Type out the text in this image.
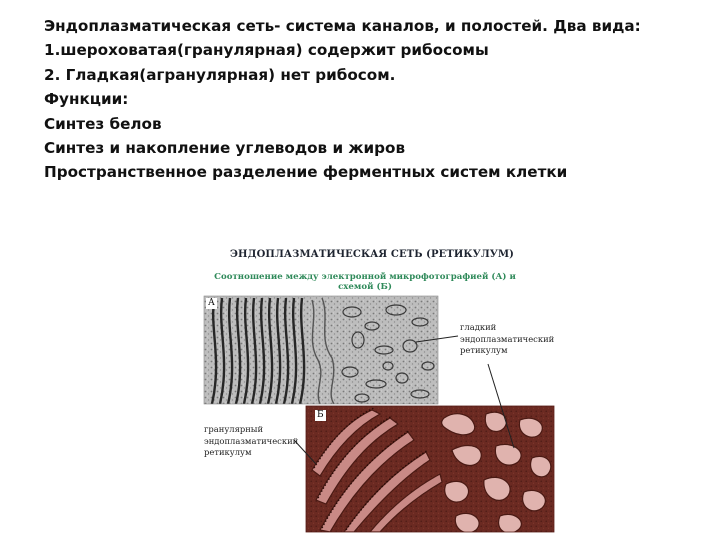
Эндоплазматическая сеть- система каналов, и полостей. Два вида:
1.шероховатая(гранулярная) содержит рибосомы
2. Гладкая(агранулярная) нет рибосом.
Функции:
Синтез белов
Синтез и накопление углеводов и жиров
Пространственное разделение ферментных систем клетки
ЭНДОПЛАЗМАТИЧЕСКАЯ СЕТЬ (РЕТИКУЛУМ)
Соотношение между электронной микрофотографией (А) и схемой (Б)
А
Б
гладкий
эндоплазматический
ретикулум
гранулярный
эндоплазматический
ретикулум
